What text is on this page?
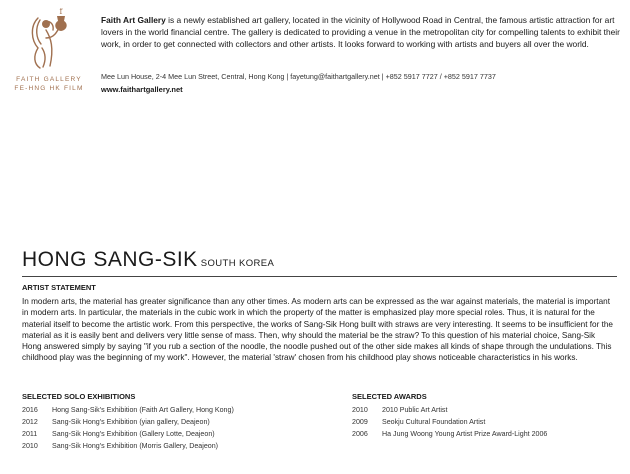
f
FAITH GALLERY
FE-HNG HK FILM
Faith Art Gallery is a newly established art gallery, located in the vicinity of Hollywood Road in Central, the famous artistic attraction for art lovers in the world financial centre. The gallery is dedicated to providing a venue in the metropolitan city for compelling talents to exhibit their work, in order to get connected with collectors and other artists. It looks forward to working with artists and buyers all over the world.
Mee Lun House, 2-4 Mee Lun Street, Central, Hong Kong | fayetung@faithartgallery.net | +852 5917 7727 / +852 5917 7737
www.faithartgallery.net
HONG SANG-SIK SOUTH KOREA
ARTIST STATEMENT
In modern arts, the material has greater significance than any other times. As modern arts can be expressed as the war against materials, the material is important in modern arts. In particular, the materials in the cubic work in which the property of the matter is emphasized play more special roles. Thus, it is natural for the material itself to become the artistic work. From this perspective, the works of Sang-Sik Hong built with straws are very interesting. It seems to be insufficient for the material as it is easily bent and delivers very little sense of mass. Then, why should the material be the straw? To this question of his material choice, Sang-Sik Hong answered simply by saying "if you rub a section of the noodle, the noodle pushed out of the other side makes all kinds of shape through the undulations. This childhood play was the beginning of my work". However, the material 'straw' chosen from his childhood play shows noticeable characteristics in his works.
SELECTED SOLO EXHIBITIONS
2016	Hong Sang-Sik's Exhibition (Faith Art Gallery, Hong Kong)
2012	Sang-Sik Hong's Exhibition (yian gallery, Deajeon)
2011	Sang-Sik Hong's Exhibition (Gallery Lotte, Deajeon)
2010	Sang-Sik Hong's Exhibition (Morris Gallery, Deajeon)
SELECTED AWARDS
2010	2010 Public Art Artist
2009	Seokju Cultural Foundation Artist
2006	Ha Jung Woong Young Artist Prize Award-Light 2006
